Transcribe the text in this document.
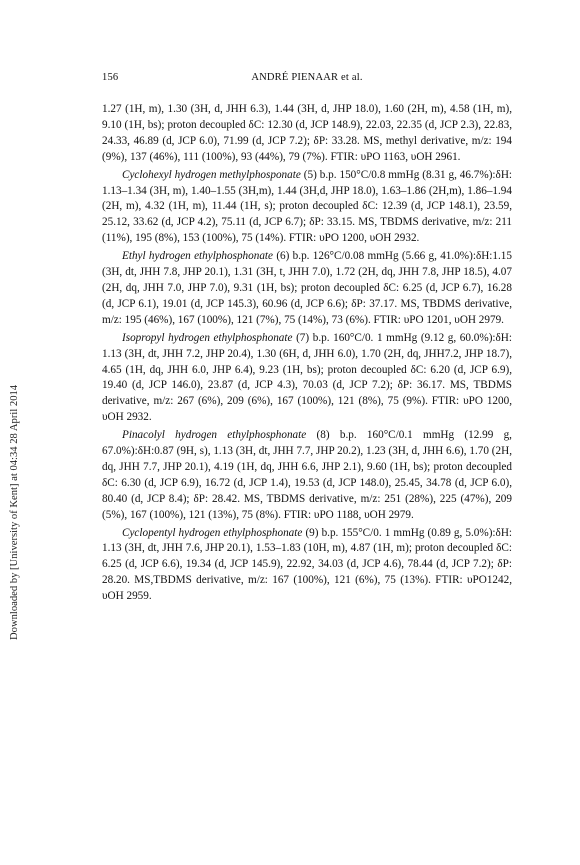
156	ANDRÉ PIENAAR et al.
Downloaded by [University of Kent] at 04:34 28 April 2014

1.27 (1H, m), 1.30 (3H, d, JHH 6.3), 1.44 (3H, d, JHP 18.0), 1.60 (2H, m), 4.58 (1H, m), 9.10 (1H, bs); proton decoupled δC: 12.30 (d, JCP 148.9), 22.03, 22.35 (d, JCP 2.3), 22.83, 24.33, 46.89 (d, JCP 6.0), 71.99 (d, JCP 7.2); δP: 33.28. MS, methyl derivative, m/z: 194 (9%), 137 (46%), 111 (100%), 93 (44%), 79 (7%). FTIR: υPO 1163, υOH 2961.

Cyclohexyl hydrogen methylphosponate (5) b.p. 150°C/0.8 mmHg (8.31 g, 46.7%):δH: 1.13–1.34 (3H, m), 1.40–1.55 (3H,m), 1.44 (3H,d, JHP 18.0), 1.63–1.86 (2H,m), 1.86–1.94 (2H, m), 4.32 (1H, m), 11.44 (1H, s); proton decoupled δC: 12.39 (d, JCP 148.1), 23.59, 25.12, 33.62 (d, JCP 4.2), 75.11 (d, JCP 6.7); δP: 33.15. MS, TBDMS derivative, m/z: 211 (11%), 195 (8%), 153 (100%), 75 (14%). FTIR: υPO 1200, υOH 2932.

Ethyl hydrogen ethylphosphonate (6) b.p. 126°C/0.08 mmHg (5.66 g, 41.0%):δH:1.15 (3H, dt, JHH 7.8, JHP 20.1), 1.31 (3H, t, JHH 7.0), 1.72 (2H, dq, JHH 7.8, JHP 18.5), 4.07 (2H, dq, JHH 7.0, JHP 7.0), 9.31 (1H, bs); proton decoupled δC: 6.25 (d, JCP 6.7), 16.28 (d, JCP 6.1), 19.01 (d, JCP 145.3), 60.96 (d, JCP 6.6); δP: 37.17. MS, TBDMS derivative, m/z: 195 (46%), 167 (100%), 121 (7%), 75 (14%), 73 (6%). FTIR: υPO 1201, υOH 2979.

Isopropyl hydrogen ethylphosphonate (7) b.p. 160°C/0. 1 mmHg (9.12 g, 60.0%):δH: 1.13 (3H, dt, JHH 7.2, JHP 20.4), 1.30 (6H, d, JHH 6.0), 1.70 (2H, dq, JHH7.2, JHP 18.7), 4.65 (1H, dq, JHH 6.0, JHP 6.4), 9.23 (1H, bs); proton decoupled δC: 6.20 (d, JCP 6.9), 19.40 (d, JCP 146.0), 23.87 (d, JCP 4.3), 70.03 (d, JCP 7.2); δP: 36.17. MS, TBDMS derivative, m/z: 267 (6%), 209 (6%), 167 (100%), 121 (8%), 75 (9%). FTIR: υPO 1200, υOH 2932.

Pinacolyl hydrogen ethylphosphonate (8) b.p. 160°C/0.1 mmHg (12.99 g, 67.0%):δH:0.87 (9H, s), 1.13 (3H, dt, JHH 7.7, JHP 20.2), 1.23 (3H, d, JHH 6.6), 1.70 (2H, dq, JHH 7.7, JHP 20.1), 4.19 (1H, dq, JHH 6.6, JHP 2.1), 9.60 (1H, bs); proton decoupled δC: 6.30 (d, JCP 6.9), 16.72 (d, JCP 1.4), 19.53 (d, JCP 148.0), 25.45, 34.78 (d, JCP 6.0), 80.40 (d, JCP 8.4); δP: 28.42. MS, TBDMS derivative, m/z: 251 (28%), 225 (47%), 209 (5%), 167 (100%), 121 (13%), 75 (8%). FTIR: υPO 1188, υOH 2979.

Cyclopentyl hydrogen ethylphosphonate (9) b.p. 155°C/0. 1 mmHg (0.89 g, 5.0%):δH: 1.13 (3H, dt, JHH 7.6, JHP 20.1), 1.53–1.83 (10H, m), 4.87 (1H, m); proton decoupled δC: 6.25 (d, JCP 6.6), 19.34 (d, JCP 145.9), 22.92, 34.03 (d, JCP 4.6), 78.44 (d, JCP 7.2); δP: 28.20. MS,TBDMS derivative, m/z: 167 (100%), 121 (6%), 75 (13%). FTIR: υPO1242, υOH 2959.
